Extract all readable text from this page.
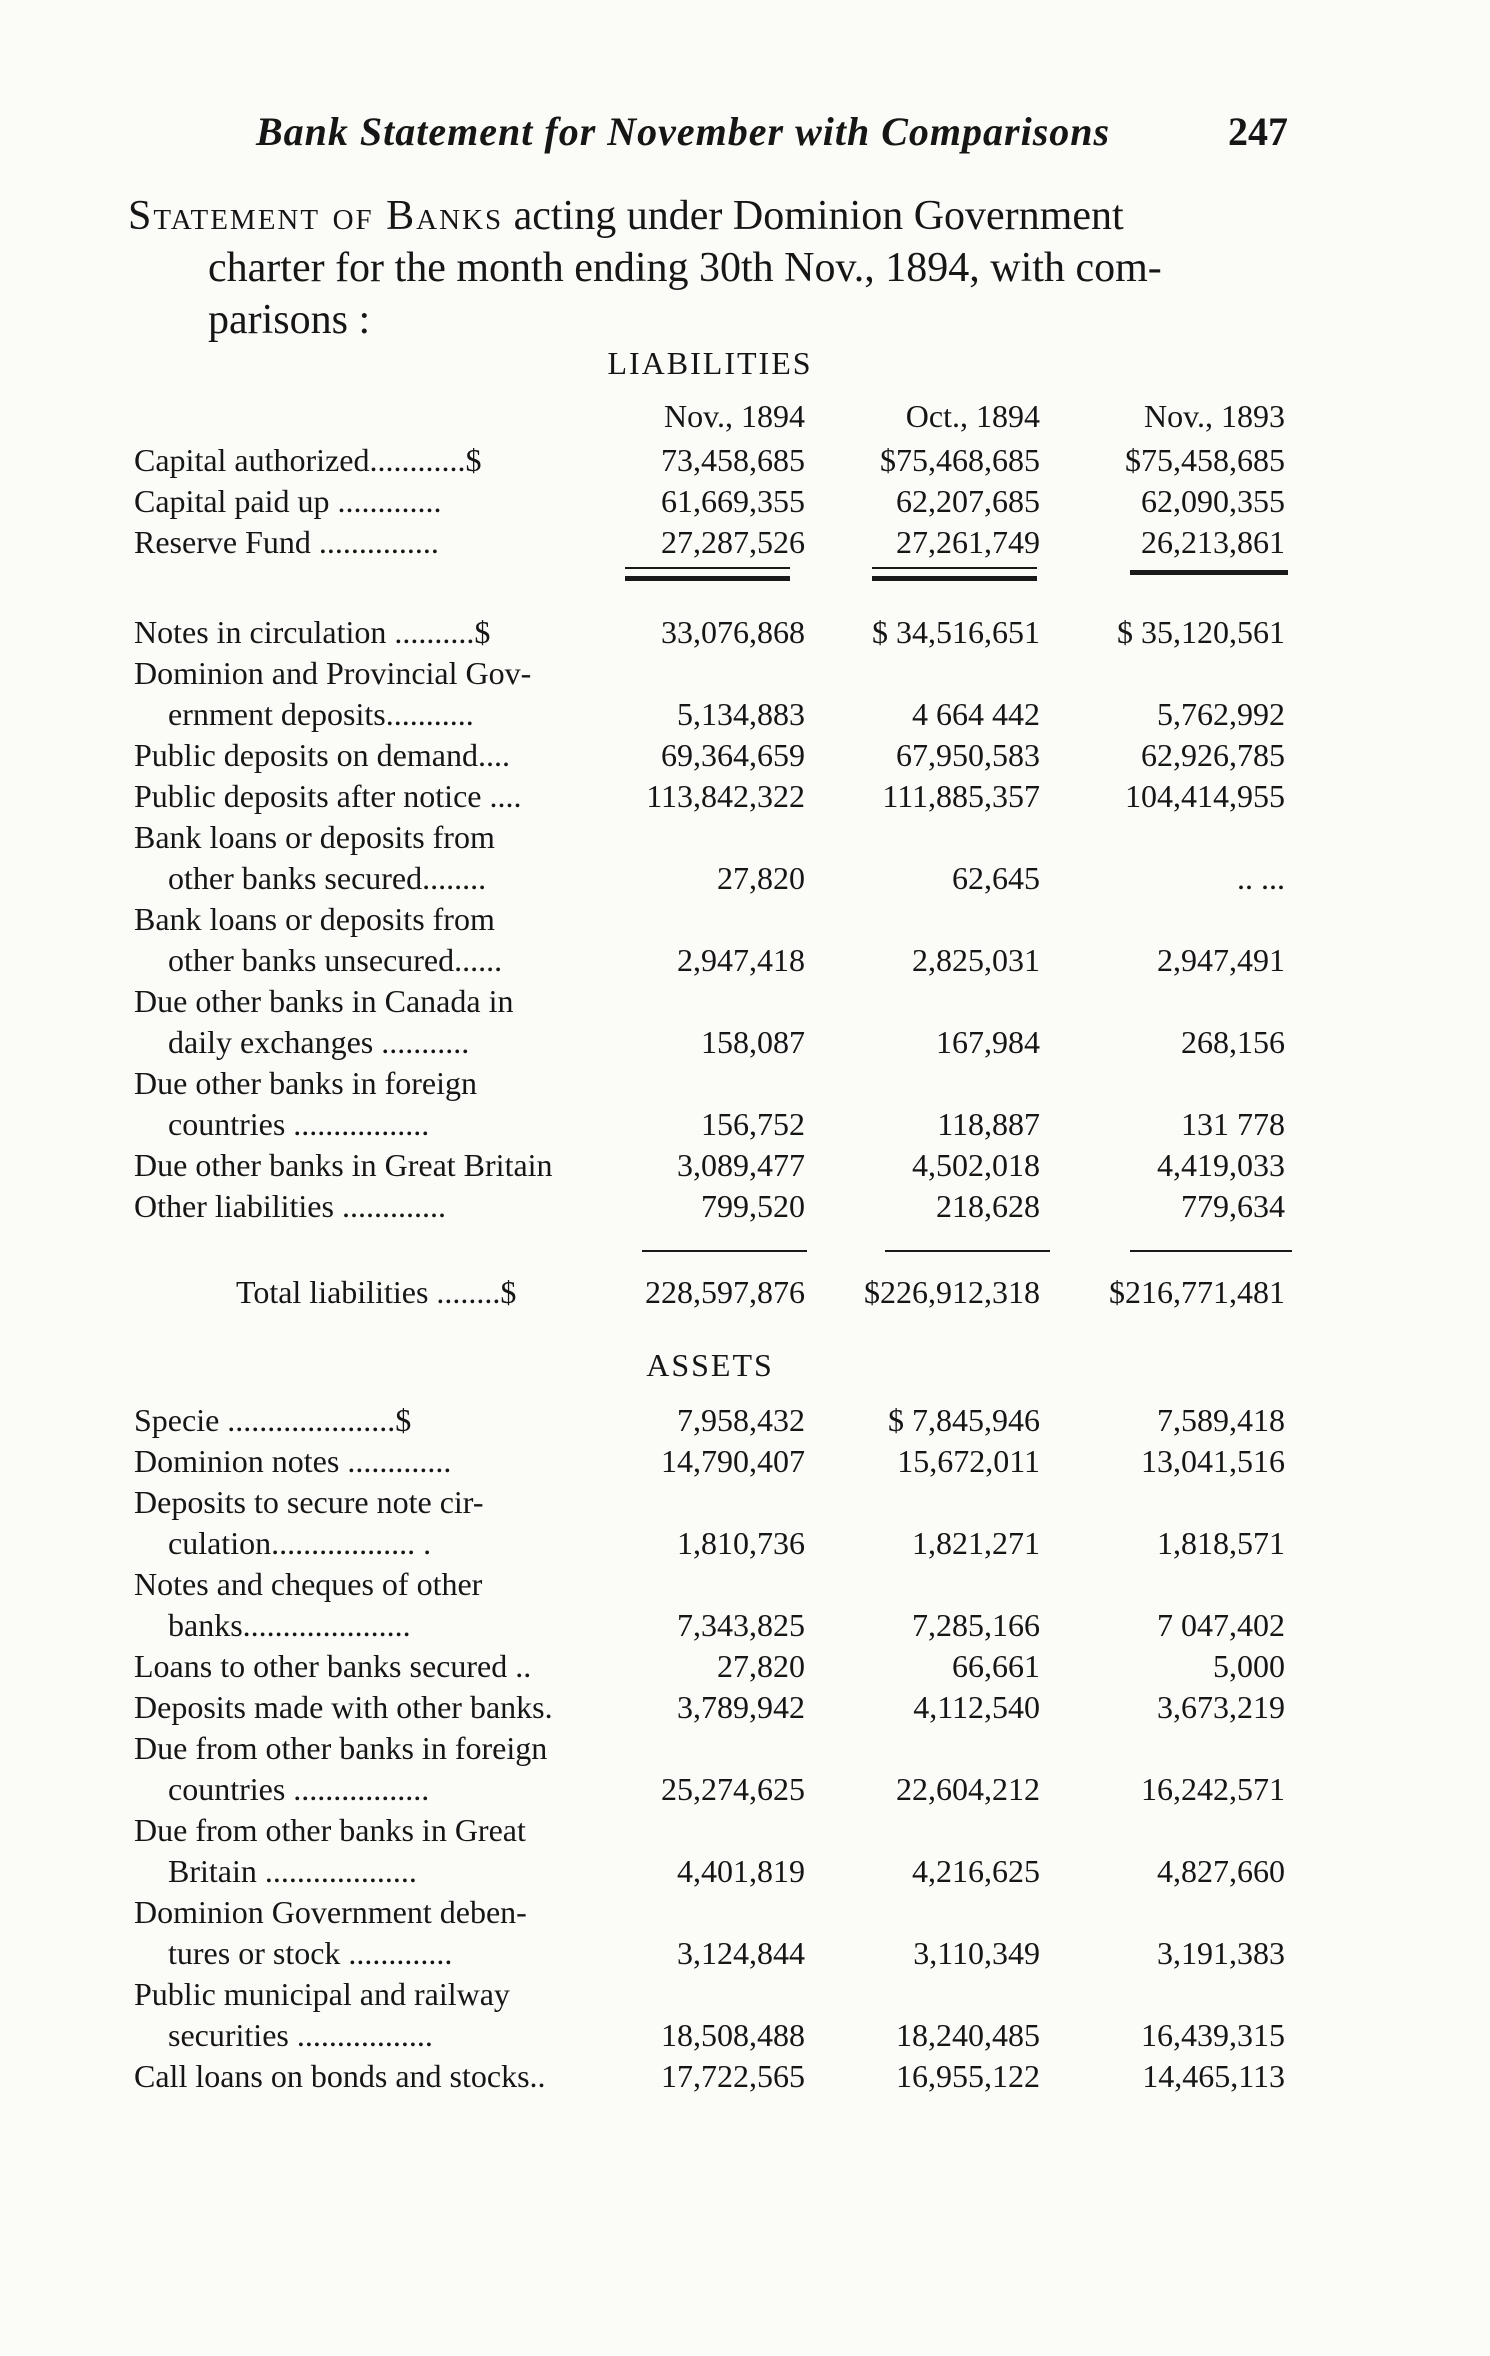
Bank Statement for November with Comparisons	247
Statement of Banks acting under Dominion Government
charter for the month ending 30th Nov., 1894, with com-
parisons :
LIABILITIES
Nov., 1894	Oct., 1894	Nov., 1893
Capital authorized............$	73,458,685	$75,468,685	$75,458,685
Capital paid up .............	61,669,355	62,207,685	62,090,355
Reserve Fund ...............	27,287,526	27,261,749	26,213,861
Notes in circulation ..........$	33,076,868	$ 34,516,651	$ 35,120,561
Dominion and Provincial Gov-
ernment deposits...........	5,134,883	4 664 442	5,762,992
Public deposits on demand....	69,364,659	67,950,583	62,926,785
Public deposits after notice ....	113,842,322	111,885,357	104,414,955
Bank loans or deposits from
other banks secured........	27,820	62,645	.. ...
Bank loans or deposits from
other banks unsecured......	2,947,418	2,825,031	2,947,491
Due other banks in Canada in
daily exchanges ...........	158,087	167,984	268,156
Due other banks in foreign
countries .................	156,752	118,887	131 778
Due other banks in Great Britain	3,089,477	4,502,018	4,419,033
Other liabilities .............	799,520	218,628	779,634
Total liabilities ........$	228,597,876	$226,912,318	$216,771,481
ASSETS
Specie .....................$	7,958,432	$ 7,845,946	7,589,418
Dominion notes .............	14,790,407	15,672,011	13,041,516
Deposits to secure note cir-
culation.................. .	1,810,736	1,821,271	1,818,571
Notes and cheques of other
banks.....................	7,343,825	7,285,166	7 047,402
Loans to other banks secured ..	27,820	66,661	5,000
Deposits made with other banks.	3,789,942	4,112,540	3,673,219
Due from other banks in foreign
countries .................	25,274,625	22,604,212	16,242,571
Due from other banks in Great
Britain ...................	4,401,819	4,216,625	4,827,660
Dominion Government deben-
tures or stock .............	3,124,844	3,110,349	3,191,383
Public municipal and railway
securities .................	18,508,488	18,240,485	16,439,315
Call loans on bonds and stocks..	17,722,565	16,955,122	14,465,113
